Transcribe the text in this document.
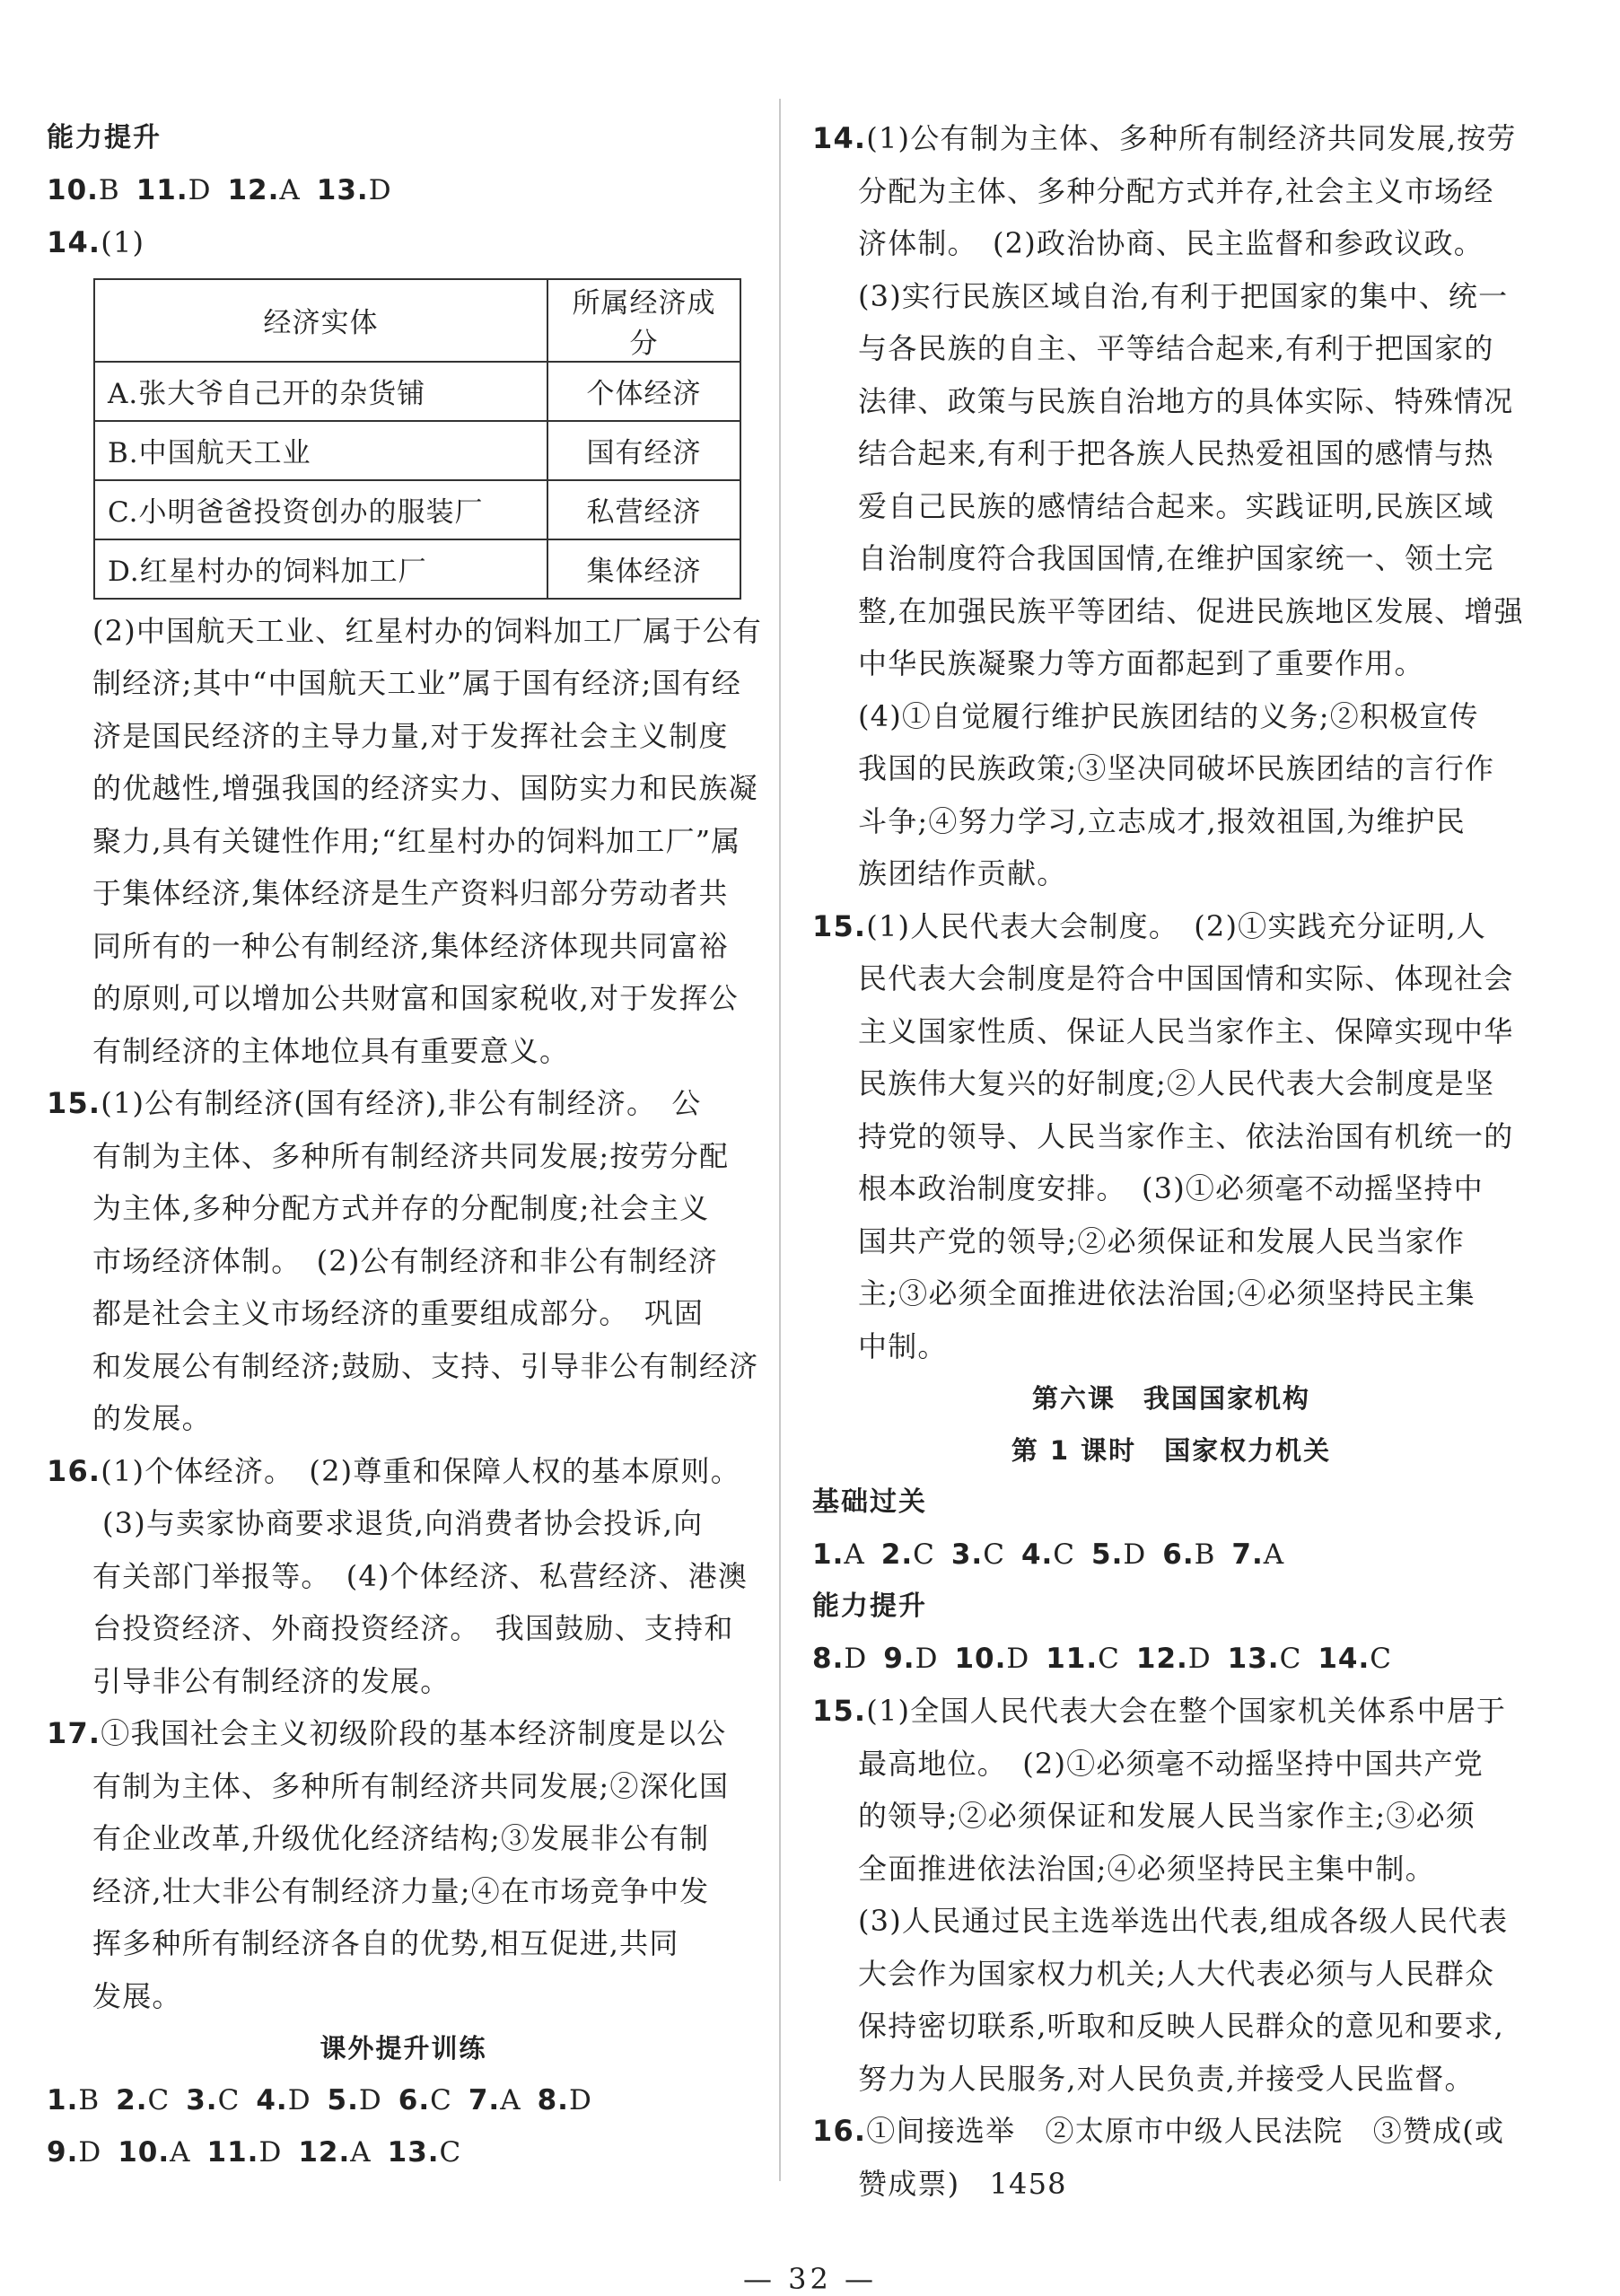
能力提升
10.B 11.D 12.A 13.D
14.(1)
经济实体	所属经济成分
A.张大爷自己开的杂货铺	个体经济
B.中国航天工业	国有经济
C.小明爸爸投资创办的服装厂	私营经济
D.红星村办的饲料加工厂	集体经济
(2)中国航天工业、红星村办的饲料加工厂属于公有
制经济;其中“中国航天工业”属于国有经济;国有经
济是国民经济的主导力量,对于发挥社会主义制度
的优越性,增强我国的经济实力、国防实力和民族凝
聚力,具有关键性作用;“红星村办的饲料加工厂”属
于集体经济,集体经济是生产资料归部分劳动者共
同所有的一种公有制经济,集体经济体现共同富裕
的原则,可以增加公共财富和国家税收,对于发挥公
有制经济的主体地位具有重要意义。
15.(1)公有制经济(国有经济),非公有制经济。　公
有制为主体、多种所有制经济共同发展;按劳分配
为主体,多种分配方式并存的分配制度;社会主义
市场经济体制。　(2)公有制经济和非公有制经济
都是社会主义市场经济的重要组成部分。　巩固
和发展公有制经济;鼓励、支持、引导非公有制经济
的发展。
16.(1)个体经济。　(2)尊重和保障人权的基本原则。
(3)与卖家协商要求退货,向消费者协会投诉,向
有关部门举报等。　(4)个体经济、私营经济、港澳
台投资经济、外商投资经济。　我国鼓励、支持和
引导非公有制经济的发展。
17.①我国社会主义初级阶段的基本经济制度是以公
有制为主体、多种所有制经济共同发展;②深化国
有企业改革,升级优化经济结构;③发展非公有制
经济,壮大非公有制经济力量;④在市场竞争中发
挥多种所有制经济各自的优势,相互促进,共同
发展。
课外提升训练
1.B 2.C 3.C 4.D 5.D 6.C 7.A 8.D
9.D 10.A 11.D 12.A 13.C
14.(1)公有制为主体、多种所有制经济共同发展,按劳
分配为主体、多种分配方式并存,社会主义市场经
济体制。　(2)政治协商、民主监督和参政议政。
(3)实行民族区域自治,有利于把国家的集中、统一
与各民族的自主、平等结合起来,有利于把国家的
法律、政策与民族自治地方的具体实际、特殊情况
结合起来,有利于把各族人民热爱祖国的感情与热
爱自己民族的感情结合起来。实践证明,民族区域
自治制度符合我国国情,在维护国家统一、领土完
整,在加强民族平等团结、促进民族地区发展、增强
中华民族凝聚力等方面都起到了重要作用。
(4)①自觉履行维护民族团结的义务;②积极宣传
我国的民族政策;③坚决同破坏民族团结的言行作
斗争;④努力学习,立志成才,报效祖国,为维护民
族团结作贡献。
15.(1)人民代表大会制度。　(2)①实践充分证明,人
民代表大会制度是符合中国国情和实际、体现社会
主义国家性质、保证人民当家作主、保障实现中华
民族伟大复兴的好制度;②人民代表大会制度是坚
持党的领导、人民当家作主、依法治国有机统一的
根本政治制度安排。　(3)①必须毫不动摇坚持中
国共产党的领导;②必须保证和发展人民当家作
主;③必须全面推进依法治国;④必须坚持民主集
中制。
第六课　我国国家机构
第 1 课时　国家权力机关
基础过关
1.A 2.C 3.C 4.C 5.D 6.B 7.A
能力提升
8.D 9.D 10.D 11.C 12.D 13.C 14.C
15.(1)全国人民代表大会在整个国家机关体系中居于
最高地位。　(2)①必须毫不动摇坚持中国共产党
的领导;②必须保证和发展人民当家作主;③必须
全面推进依法治国;④必须坚持民主集中制。
(3)人民通过民主选举选出代表,组成各级人民代表
大会作为国家权力机关;人大代表必须与人民群众
保持密切联系,听取和反映人民群众的意见和要求,
努力为人民服务,对人民负责,并接受人民监督。
16.①间接选举　②太原市中级人民法院　③赞成(或
赞成票)　1458
— 32 —
